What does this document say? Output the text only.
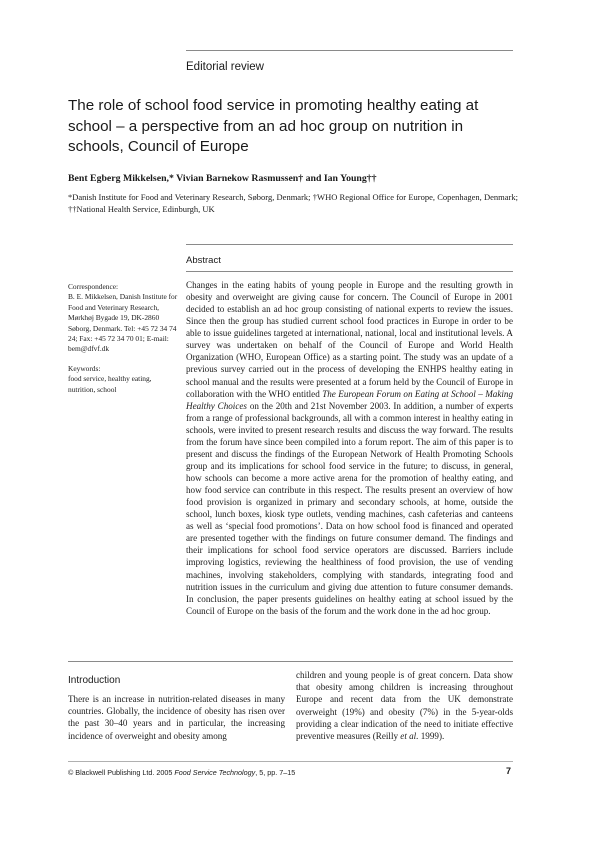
Editorial review
The role of school food service in promoting healthy eating at school – a perspective from an ad hoc group on nutrition in schools, Council of Europe
Bent Egberg Mikkelsen,* Vivian Barnekow Rasmussen† and Ian Young††
*Danish Institute for Food and Veterinary Research, Søborg, Denmark; †WHO Regional Office for Europe, Copenhagen, Denmark; ††National Health Service, Edinburgh, UK
Abstract

Changes in the eating habits of young people in Europe and the resulting growth in obesity and overweight are giving cause for concern. The Council of Europe in 2001 decided to establish an ad hoc group consisting of national experts to review the issues. Since then the group has studied current school food practices in Europe in order to be able to issue guidelines targeted at international, national, local and institutional levels. A survey was undertaken on behalf of the Council of Europe and World Health Organization (WHO, European Office) as a starting point. The study was an update of a previous survey carried out in the process of developing the ENHPS healthy eating in school manual and the results were presented at a forum held by the Council of Europe in collaboration with the WHO entitled The European Forum on Eating at School – Making Healthy Choices on the 20th and 21st November 2003. In addition, a number of experts from a range of professional backgrounds, all with a common interest in healthy eating in schools, were invited to present research results and discuss the way forward. The results from the forum have since been compiled into a forum report. The aim of this paper is to present and discuss the findings of the European Network of Health Promoting Schools group and its implications for school food service in the future; to discuss, in general, how schools can become a more active arena for the promotion of healthy eating, and how food service can contribute in this respect. The results present an overview of how food provision is organized in primary and secondary schools, at home, outside the school, lunch boxes, kiosk type outlets, vending machines, cash cafeterias and canteens as well as ‘special food promotions’. Data on how school food is financed and operated are presented together with the findings on future consumer demand. The findings and their implications for school food service operators are discussed. Barriers include improving logistics, reviewing the healthiness of food provision, the use of vending machines, involving stakeholders, complying with standards, integrating food and nutrition issues in the curriculum and giving due attention to future consumer demands. In conclusion, the paper presents guidelines on healthy eating at school issued by the Council of Europe on the basis of the forum and the work done in the ad hoc group.

Correspondence:

B. E. Mikkelsen, Danish Institute for Food and Veterinary Research, Mørkhøj Bygade 19, DK-2860 Søborg, Denmark. Tel: +45 72 34 74 24; Fax: +45 72 34 70 01; E-mail: bem@dfvf.dk

Keywords:

food service, healthy eating, nutrition, school

Introduction

There is an increase in nutrition-related diseases in many countries. Globally, the incidence of obesity has risen over the past 30–40 years and in particular, the increasing incidence of overweight and obesity among

children and young people is of great concern. Data show that obesity among children is increasing throughout Europe and recent data from the UK demonstrate overweight (19%) and obesity (7%) in the 5-year-olds providing a clear indication of the need to initiate effective preventive measures (Reilly et al. 1999).

© Blackwell Publishing Ltd. 2005 Food Service Technology, 5, pp. 7–15	7
